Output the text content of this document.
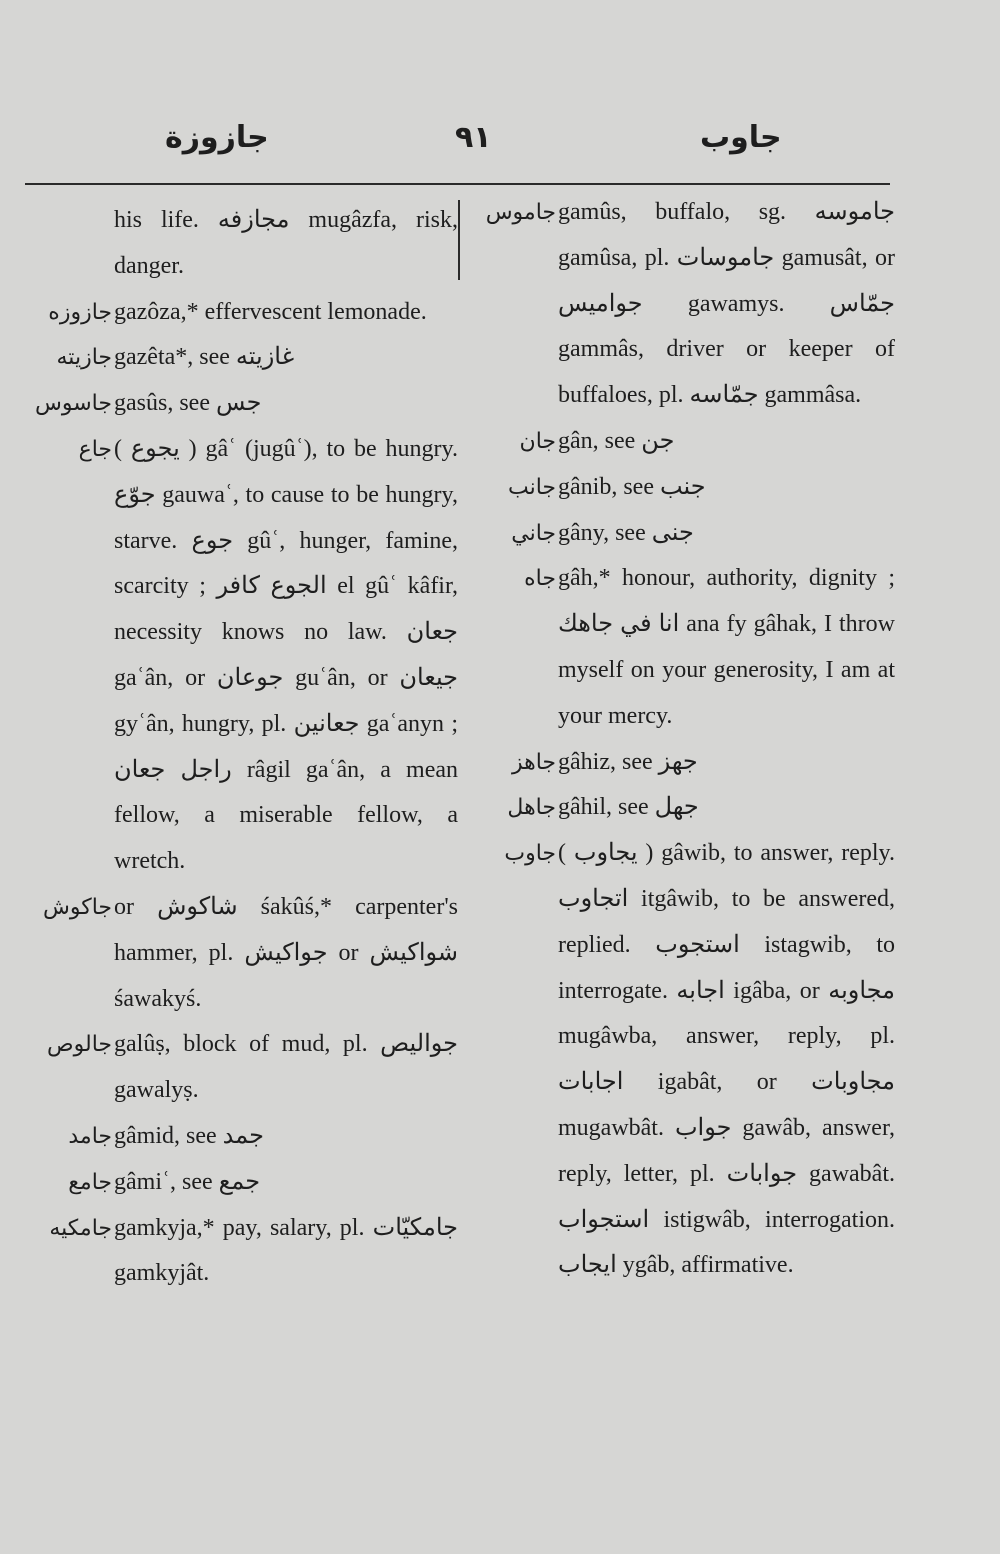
جازوزة	٩١	جاوب
his life. مجازفه mugâzfa, risk, danger.
جازوزه gazôza,* effervescent lemonade.
جازيته gazêta*, see غازيته
جاسوس gasûs, see جس
جاع ( يجوع ) gâʿ (jugûʿ), to be hungry. جوّع gauwaʿ, to cause to be hungry, starve. جوع gûʿ, hunger, famine, scarcity ; الجوع كافر el gûʿ kâfir, necessity knows no law. جعان gaʿân, or جوعان guʿân, or جيعان gyʿân, hungry, pl. جعانين gaʿanyn ; راجل جعان râgil gaʿân, a mean fellow, a miserable fellow, a wretch.
جاكوش or شاكوش śakûś,* carpenter's hammer, pl. جواكيش or شواكيش śawakyś.
جالوص galûṣ, block of mud, pl. جواليص gawalyṣ.
جامد gâmid, see جمد
جامع gâmiʿ, see جمع
جامكيه gamkyja,* pay, salary, pl. جامكيّات gamkyjât.
جاموس gamûs, buffalo, sg. جاموسه gamûsa, pl. جاموسات gamusât, or جواميس gawamys. جمّاس gammâs, driver or keeper of buffaloes, pl. جمّاسه gammâsa.
جان gân, see جن
جانب gânib, see جنب
جاني gâny, see جنى
جاه gâh,* honour, authority, dignity ; انا في جاهك ana fy gâhak, I throw myself on your generosity, I am at your mercy.
جاهز gâhiz, see جهز
جاهل gâhil, see جهل
جاوب ( يجاوب ) gâwib, to answer, reply. اتجاوب itgâwib, to be answered, replied. استجوب istagwib, to interrogate. اجابه igâba, or مجاوبه mugâwba, answer, reply, pl. اجابات igabât, or مجاوبات mugawbât. جواب gawâb, answer, reply, letter, pl. جوابات gawabât. استجواب istigwâb, interrogation. ايجاب ygâb, affirmative.
